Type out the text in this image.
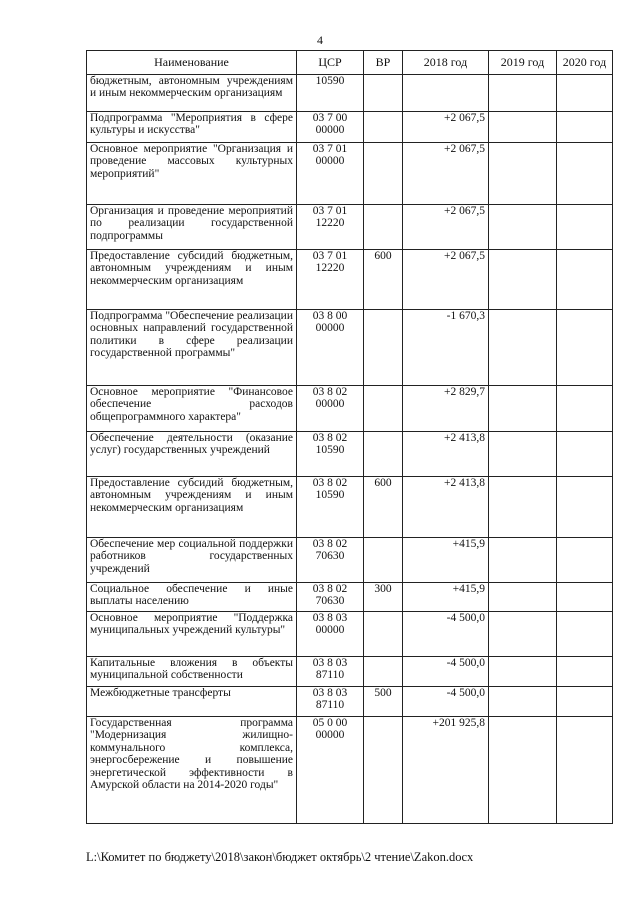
4
Наименование	ЦСР	ВР	2018 год	2019 год	2020 год
бюджетным, автономным учреждениям и иным некоммерческим организациям	10590				
Подпрограмма "Мероприятия в сфере культуры и искусства"	03 7 00 00000		+2 067,5		
Основное мероприятие "Организация и проведение массовых культурных мероприятий"	03 7 01 00000		+2 067,5		
Организация и проведение мероприятий по реализации государственной подпрограммы	03 7 01 12220		+2 067,5		
Предоставление субсидий бюджетным, автономным учреждениям и иным некоммерческим организациям	03 7 01 12220	600	+2 067,5		
Подпрограмма "Обеспечение реализации основных направлений государственной политики в сфере реализации государственной программы"	03 8 00 00000		-1 670,3		
Основное мероприятие "Финансовое обеспечение расходов общепрограммного характера"	03 8 02 00000		+2 829,7		
Обеспечение деятельности (оказание услуг) государственных учреждений	03 8 02 10590		+2 413,8		
Предоставление субсидий бюджетным, автономным учреждениям и иным некоммерческим организациям	03 8 02 10590	600	+2 413,8		
Обеспечение мер социальной поддержки работников государственных учреждений	03 8 02 70630		+415,9		
Социальное обеспечение и иные выплаты населению	03 8 02 70630	300	+415,9		
Основное мероприятие "Поддержка муниципальных учреждений культуры"	03 8 03 00000		-4 500,0		
Капитальные вложения в объекты муниципальной собственности	03 8 03 87110		-4 500,0		
Межбюджетные трансферты	03 8 03 87110	500	-4 500,0		
Государственная программа "Модернизация жилищно-коммунального комплекса, энергосбережение и повышение энергетической эффективности в Амурской области на 2014-2020 годы"	05 0 00 00000		+201 925,8		
L:\Комитет по бюджету\2018\закон\бюджет октябрь\2 чтение\Zakon.docx
